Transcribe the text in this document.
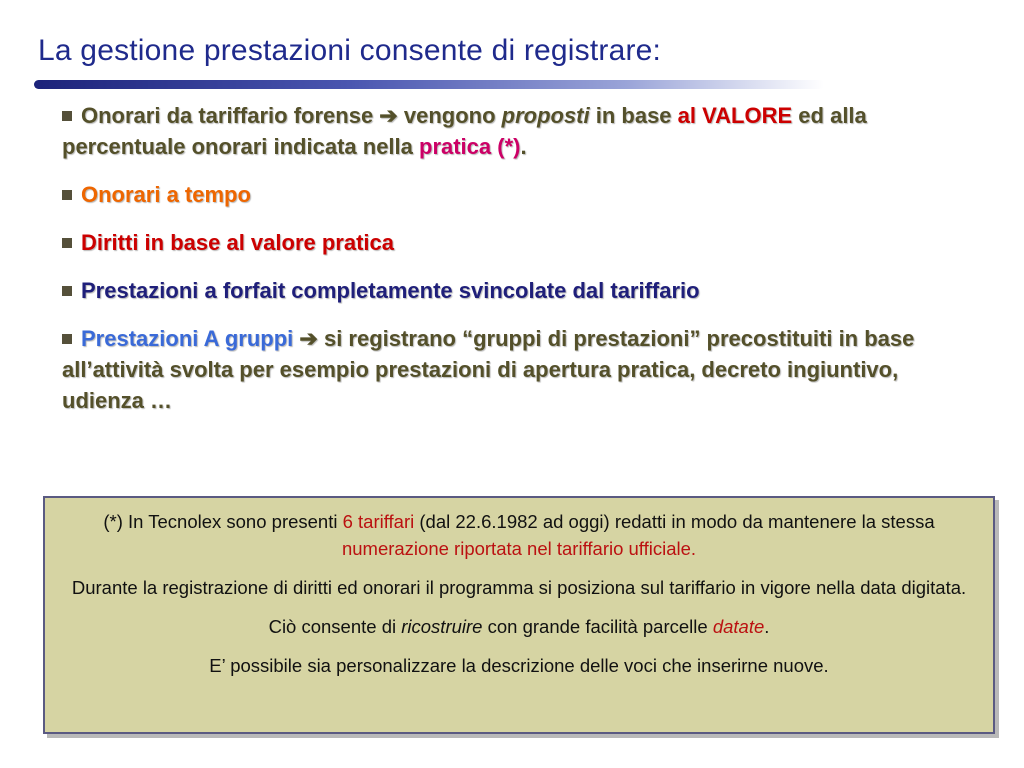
La gestione prestazioni consente di registrare:
Onorari da tariffario forense ➔ vengono proposti in base al VALORE ed alla percentuale onorari indicata nella pratica (*).
Onorari a tempo
Diritti in base al valore pratica
Prestazioni a forfait completamente svincolate dal tariffario
Prestazioni A gruppi ➔ si registrano “gruppi di prestazioni” precostituiti in base all’attività svolta per esempio prestazioni di apertura pratica, decreto ingiuntivo, udienza …

(*) In Tecnolex sono presenti 6 tariffari (dal 22.6.1982 ad oggi) redatti in modo da mantenere la stessa numerazione riportata nel tariffario ufficiale.

Durante la registrazione di diritti ed onorari il programma si posiziona sul tariffario in vigore nella data digitata.

Ciò consente di ricostruire con grande facilità parcelle datate.

E’ possibile sia personalizzare la descrizione delle voci che inserirne nuove.
